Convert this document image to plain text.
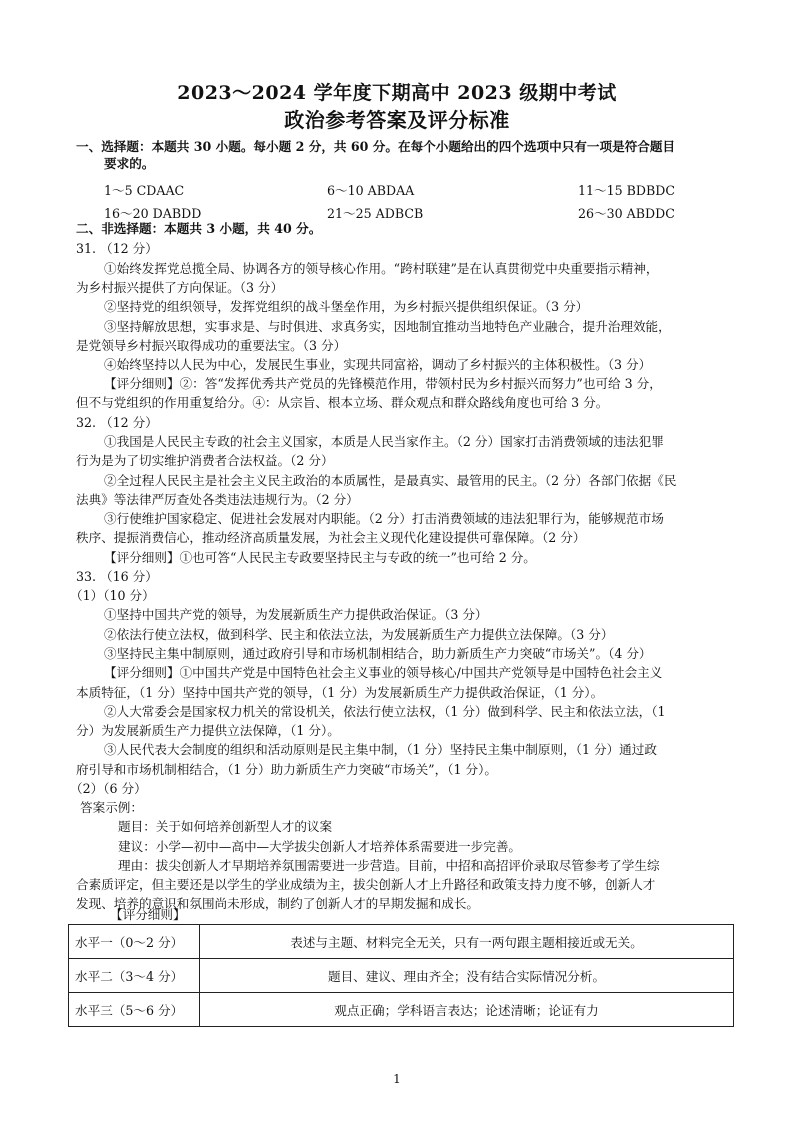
2023～2024 学年度下期高中 2023 级期中考试
政治参考答案及评分标准
一、选择题：本题共 30 小题。每小题 2 分，共 60 分。在每个小题给出的四个选项中只有一项是符合题目
要求的。
1～5 CDAAC	6～10 ABDAA	11～15 BDBDC
16～20 DABDD	21～25 ADBCB	26～30 ABDDC
二、非选择题：本题共 3 小题，共 40 分。
31. （12 分）
①始终发挥党总揽全局、协调各方的领导核心作用。“跨村联建”是在认真贯彻党中央重要指示精神，
为乡村振兴提供了方向保证。（3 分）
②坚持党的组织领导，发挥党组织的战斗堡垒作用，为乡村振兴提供组织保证。（3 分）
③坚持解放思想，实事求是、与时俱进、求真务实，因地制宜推动当地特色产业融合，提升治理效能，
是党领导乡村振兴取得成功的重要法宝。（3 分）
④始终坚持以人民为中心，发展民生事业，实现共同富裕，调动了乡村振兴的主体积极性。（3 分）
【评分细则】②：答“发挥优秀共产党员的先锋模范作用，带领村民为乡村振兴而努力”也可给 3 分，
但不与党组织的作用重复给分。④：从宗旨、根本立场、群众观点和群众路线角度也可给 3 分。
32. （12 分）
①我国是人民民主专政的社会主义国家，本质是人民当家作主。（2 分）国家打击消费领域的违法犯罪
行为是为了切实维护消费者合法权益。（2 分）
②全过程人民民主是社会主义民主政治的本质属性，是最真实、最管用的民主。（2 分）各部门依据《民
法典》等法律严厉查处各类违法违规行为。（2 分）
③行使维护国家稳定、促进社会发展对内职能。（2 分）打击消费领域的违法犯罪行为，能够规范市场
秩序、提振消费信心，推动经济高质量发展，为社会主义现代化建设提供可靠保障。（2 分）
【评分细则】①也可答“人民民主专政要坚持民主与专政的统一”也可给 2 分。
33. （16 分）
（1）（10 分）
①坚持中国共产党的领导，为发展新质生产力提供政治保证。（3 分）
②依法行使立法权，做到科学、民主和依法立法，为发展新质生产力提供立法保障。（3 分）
③坚持民主集中制原则，通过政府引导和市场机制相结合，助力新质生产力突破“市场关”。（4 分）
【评分细则】①中国共产党是中国特色社会主义事业的领导核心/中国共产党领导是中国特色社会主义
本质特征，（1 分）坚持中国共产党的领导，（1 分）为发展新质生产力提供政治保证，（1 分）。
②人大常委会是国家权力机关的常设机关，依法行使立法权，（1 分）做到科学、民主和依法立法，（1
分）为发展新质生产力提供立法保障，（1 分）。
③人民代表大会制度的组织和活动原则是民主集中制，（1 分）坚持民主集中制原则，（1 分）通过政
府引导和市场机制相结合，（1 分）助力新质生产力突破“市场关”，（1 分）。
（2）（6 分）
答案示例：
题目：关于如何培养创新型人才的议案
建议：小学—初中—高中—大学拔尖创新人才培养体系需要进一步完善。
理由：拔尖创新人才早期培养氛围需要进一步营造。目前，中招和高招评价录取尽管参考了学生综
合素质评定，但主要还是以学生的学业成绩为主，拔尖创新人才上升路径和政策支持力度不够，创新人才
发现、培养的意识和氛围尚未形成，制约了创新人才的早期发掘和成长。
【评分细则】
水平一（0～2 分）	表述与主题、材料完全无关，只有一两句跟主题相接近或无关。
水平二（3～4 分）	题目、建议、理由齐全；没有结合实际情况分析。
水平三（5～6 分）	观点正确；学科语言表达；论述清晰；论证有力
1
